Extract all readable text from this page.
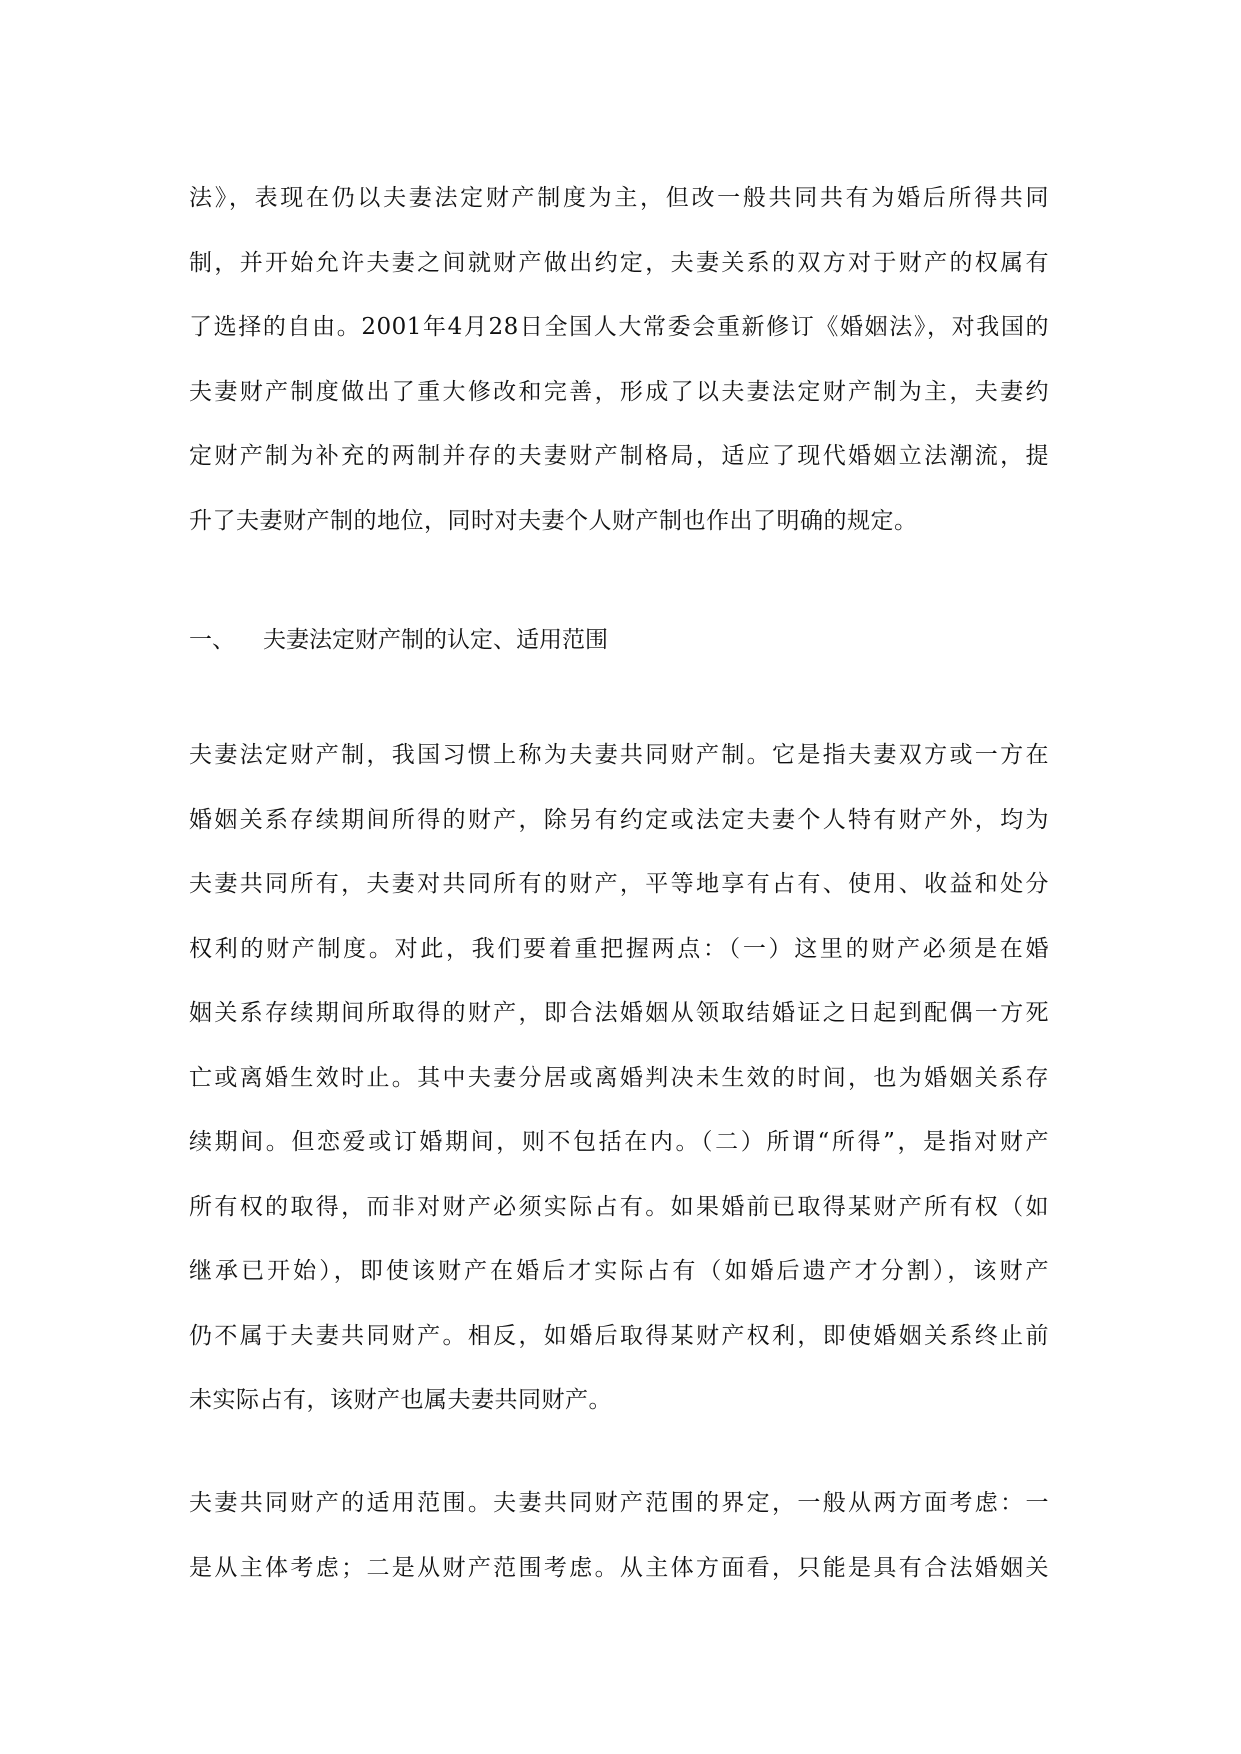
法》，表现在仍以夫妻法定财产制度为主，但改一般共同共有为婚后所得共同
制，并开始允许夫妻之间就财产做出约定，夫妻关系的双方对于财产的权属有
了选择的自由。2001年4月28日全国人大常委会重新修订《婚姻法》，对我国的
夫妻财产制度做出了重大修改和完善，形成了以夫妻法定财产制为主，夫妻约
定财产制为补充的两制并存的夫妻财产制格局，适应了现代婚姻立法潮流，提
升了夫妻财产制的地位，同时对夫妻个人财产制也作出了明确的规定。
一、 夫妻法定财产制的认定、适用范围
夫妻法定财产制，我国习惯上称为夫妻共同财产制。它是指夫妻双方或一方在
婚姻关系存续期间所得的财产，除另有约定或法定夫妻个人特有财产外，均为
夫妻共同所有，夫妻对共同所有的财产，平等地享有占有、使用、收益和处分
权利的财产制度。对此，我们要着重把握两点：（一）这里的财产必须是在婚
姻关系存续期间所取得的财产，即合法婚姻从领取结婚证之日起到配偶一方死
亡或离婚生效时止。其中夫妻分居或离婚判决未生效的时间，也为婚姻关系存
续期间。但恋爱或订婚期间，则不包括在内。（二）所谓“所得”，是指对财产
所有权的取得，而非对财产必须实际占有。如果婚前已取得某财产所有权（如
继承已开始），即使该财产在婚后才实际占有（如婚后遗产才分割），该财产
仍不属于夫妻共同财产。相反，如婚后取得某财产权利，即使婚姻关系终止前
未实际占有，该财产也属夫妻共同财产。
夫妻共同财产的适用范围。夫妻共同财产范围的界定，一般从两方面考虑：一
是从主体考虑；二是从财产范围考虑。从主体方面看，只能是具有合法婚姻关
